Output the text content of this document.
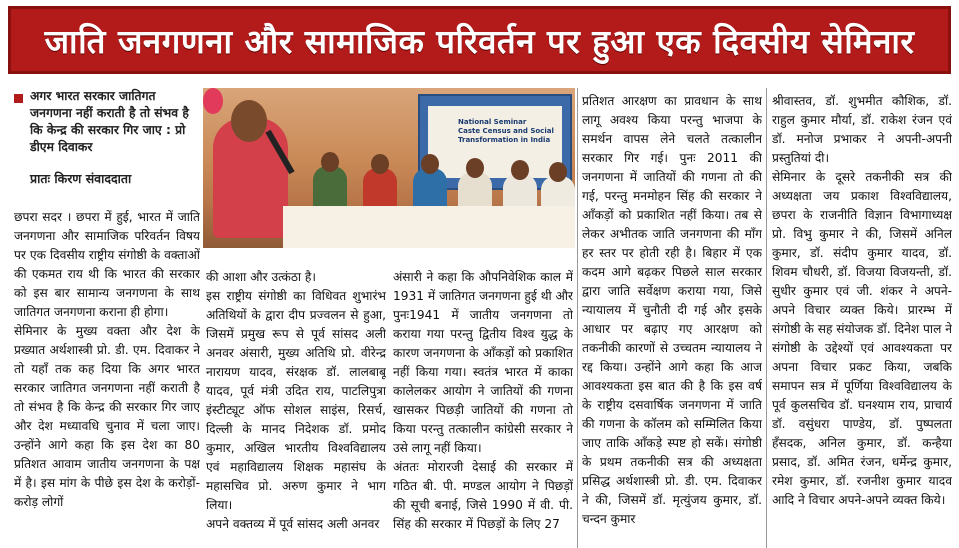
जाति जनगणना और सामाजिक परिवर्तन पर हुआ एक दिवसीय सेमिनार
अगर भारत सरकार जातिगत जनगणना नहीं कराती है तो संभव है कि केन्द्र की सरकार गिर जाए : प्रो डीएम दिवाकर
प्रातः किरण संवाददाता
National Seminar
Caste Census and Social Transformation in India

छपरा सदर । छपरा में हुई, भारत में जाति जनगणना और सामाजिक परिवर्तन विषय पर एक दिवसीय राष्ट्रीय संगोष्ठी के वक्ताओं की एकमत राय थी कि भारत की सरकार को इस बार सामान्य जनगणना के साथ जातिगत जनगणना कराना ही होगा।

सेमिनार के मुख्य वक्ता और देश के प्रख्यात अर्थशास्त्री प्रो. डी. एम. दिवाकर ने तो यहाँ तक कह दिया कि अगर भारत सरकार जातिगत जनगणना नहीं कराती है तो संभव है कि केन्द्र की सरकार गिर जाए और देश मध्यावधि चुनाव में चला जाए। उन्होंने आगे कहा कि इस देश का 80 प्रतिशत आवाम जातीय जनगणना के पक्ष में है। इस मांग के पीछे इस देश के करोड़ों-करोड़ लोगों

की आशा और उत्कंठा है।

इस राष्ट्रीय संगोष्ठी का विधिवत शुभारंभ अतिथियों के द्वारा दीप प्रज्वलन से हुआ, जिसमें प्रमुख रूप से पूर्व सांसद अली अनवर अंसारी, मुख्य अतिथि प्रो. वीरेन्द्र नारायण यादव, संरक्षक डॉ. लालबाबू यादव, पूर्व मंत्री उदित राय, पाटलिपुत्रा इंस्टीट्यूट ऑफ सोशल साइंस, रिसर्च, दिल्ली के मानद निदेशक डॉ. प्रमोद कुमार, अखिल भारतीय विश्वविद्यालय एवं महाविद्यालय शिक्षक महासंघ के महासचिव प्रो. अरुण कुमार ने भाग लिया।

अपने वक्तव्य में पूर्व सांसद अली अनवर

अंसारी ने कहा कि औपनिवेशिक काल में 1931 में जातिगत जनगणना हुई थी और पुनः1941 में जातीय जनगणना तो कराया गया परन्तु द्वितीय विश्व युद्ध के कारण जनगणना के आँकड़ों को प्रकाशित नहीं किया गया। स्वतंत्र भारत में काका कालेलकर आयोग ने जातियों की गणना खासकर पिछड़ी जातियों की गणना तो किया परन्तु तत्कालीन कांग्रेसी सरकार ने उसे लागू नहीं किया।

अंततः मोरारजी देसाई की सरकार में गठित बी. पी. मण्डल आयोग ने पिछड़ों की सूची बनाई, जिसे 1990 में वी. पी. सिंह की सरकार में पिछड़ों के लिए 27

प्रतिशत आरक्षण का प्रावधान के साथ लागू अवश्य किया परन्तु भाजपा के समर्थन वापस लेने चलते तत्कालीन सरकार गिर गई। पुनः 2011 की जनगणना में जातियों की गणना तो की गई, परन्तु मनमोहन सिंह की सरकार ने आँकड़ों को प्रकाशित नहीं किया। तब से लेकर अभीतक जाति जनगणना की माँग हर स्तर पर होती रही है। बिहार में एक कदम आगे बढ़कर पिछले साल सरकार द्वारा जाति सर्वेक्षण कराया गया, जिसे न्यायालय में चुनौती दी गई और इसके आधार पर बढ़ाए गए आरक्षण को तकनीकी कारणों से उच्चतम न्यायालय ने रद्द किया। उन्होंने आगे कहा कि आज आवश्यकता इस बात की है कि इस वर्ष के राष्ट्रीय दसवार्षिक जनगणना में जाति की गणना के कॉलम को सम्मिलित किया जाए ताकि आँकड़े स्पष्ट हो सकें। संगोष्ठी के प्रथम तकनीकी सत्र की अध्यक्षता प्रसिद्ध अर्थशास्त्री प्रो. डी. एम. दिवाकर ने की, जिसमें डॉ. मृत्युंजय कुमार, डॉ. चन्दन कुमार

श्रीवास्तव, डॉ. शुभमीत कौशिक, डॉ. राहुल कुमार मौर्या, डॉ. राकेश रंजन एवं डॉ. मनोज प्रभाकर ने अपनी-अपनी प्रस्तुतियां दी।

सेमिनार के दूसरे तकनीकी सत्र की अध्यक्षता जय प्रकाश विश्वविद्यालय, छपरा के राजनीति विज्ञान विभागाध्यक्ष प्रो. विभु कुमार ने की, जिसमें अनिल कुमार, डॉ. संदीप कुमार यादव, डॉ. शिवम चौधरी, डॉ. विजया विजयन्ती, डॉ. सुधीर कुमार एवं जी. शंकर ने अपने-अपने विचार व्यक्त किये। प्रारम्भ में संगोष्ठी के सह संयोजक डॉ. दिनेश पाल ने संगोष्ठी के उद्देश्यों एवं आवश्यकता पर अपना विचार प्रकट किया, जबकि समापन सत्र में पूर्णिया विश्वविद्यालय के पूर्व कुलसचिव डॉ. घनश्याम राय, प्राचार्य डॉ. वसुंधरा पाण्डेय, डॉ. पुष्पलता हँसदक, अनिल कुमार, डॉ. कन्हैया प्रसाद, डॉ. अमित रंजन, धर्मेन्द्र कुमार, रमेश कुमार, डॉ. रजनीश कुमार यादव आदि ने विचार अपने-अपने व्यक्त किये।
